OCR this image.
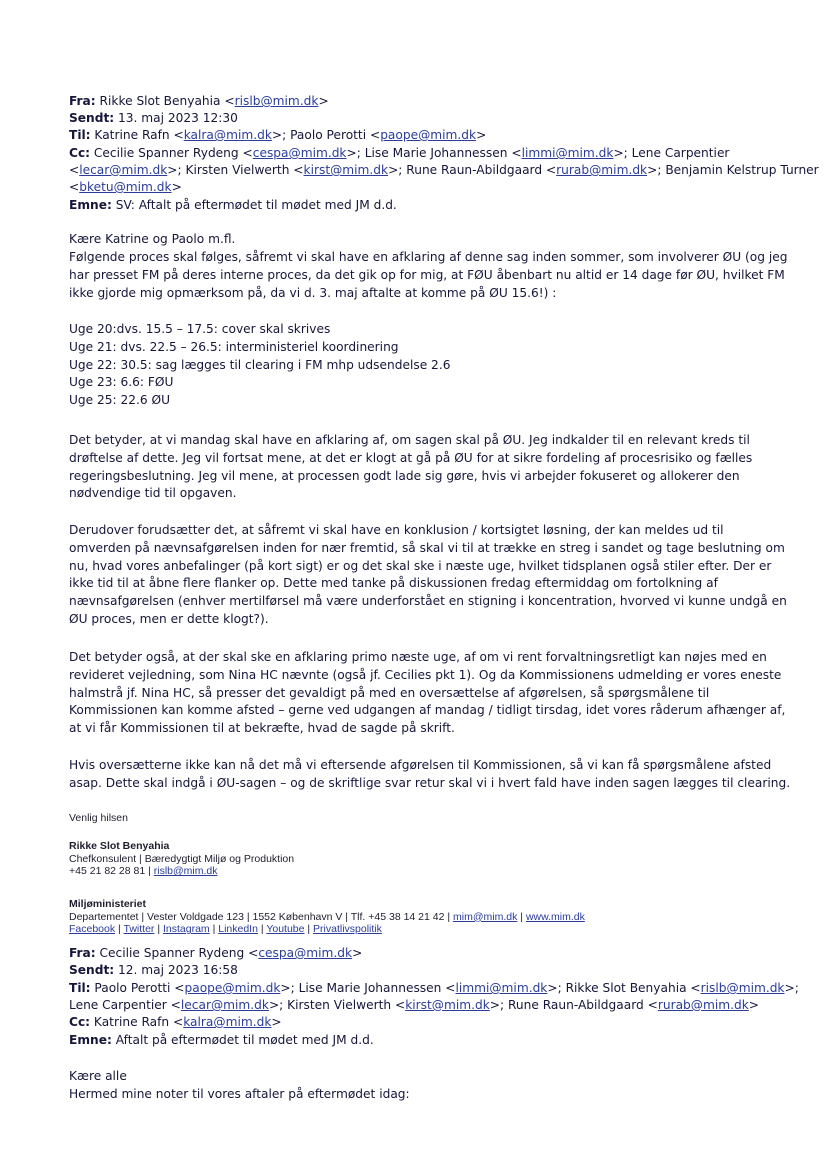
Fra: Rikke Slot Benyahia <rislb@mim.dk>
Sendt: 13. maj 2023 12:30
Til: Katrine Rafn <kalra@mim.dk>; Paolo Perotti <paope@mim.dk>
Cc: Cecilie Spanner Rydeng <cespa@mim.dk>; Lise Marie Johannessen <limmi@mim.dk>; Lene Carpentier
<lecar@mim.dk>; Kirsten Vielwerth <kirst@mim.dk>; Rune Raun-Abildgaard <rurab@mim.dk>; Benjamin Kelstrup Turner
<bketu@mim.dk>
Emne: SV: Aftalt på eftermødet til mødet med JM d.d.
Kære Katrine og Paolo m.fl.
Følgende proces skal følges, såfremt vi skal have en afklaring af denne sag inden sommer, som involverer ØU (og jeg
har presset FM på deres interne proces, da det gik op for mig, at FØU åbenbart nu altid er 14 dage før ØU, hvilket FM
ikke gjorde mig opmærksom på, da vi d. 3. maj aftalte at komme på ØU 15.6!) :
Uge 20:dvs. 15.5 – 17.5: cover skal skrives
Uge 21: dvs. 22.5 – 26.5: interministeriel koordinering
Uge 22: 30.5: sag lægges til clearing i FM mhp udsendelse 2.6
Uge 23: 6.6: FØU
Uge 25: 22.6 ØU
Det betyder, at vi mandag skal have en afklaring af, om sagen skal på ØU. Jeg indkalder til en relevant kreds til
drøftelse af dette. Jeg vil fortsat mene, at det er klogt at gå på ØU for at sikre fordeling af procesrisiko og fælles
regeringsbeslutning. Jeg vil mene, at processen godt lade sig gøre, hvis vi arbejder fokuseret og allokerer den
nødvendige tid til opgaven.
Derudover forudsætter det, at såfremt vi skal have en konklusion / kortsigtet løsning, der kan meldes ud til
omverden på nævnsafgørelsen inden for nær fremtid, så skal vi til at trække en streg i sandet og tage beslutning om
nu, hvad vores anbefalinger (på kort sigt) er og det skal ske i næste uge, hvilket tidsplanen også stiler efter. Der er
ikke tid til at åbne flere flanker op. Dette med tanke på diskussionen fredag eftermiddag om fortolkning af
nævnsafgørelsen (enhver mertilførsel må være underforstået en stigning i koncentration, hvorved vi kunne undgå en
ØU proces, men er dette klogt?).
Det betyder også, at der skal ske en afklaring primo næste uge, af om vi rent forvaltningsretligt kan nøjes med en
revideret vejledning, som Nina HC nævnte (også jf. Cecilies pkt 1). Og da Kommissionens udmelding er vores eneste
halmstrå jf. Nina HC, så presser det gevaldigt på med en oversættelse af afgørelsen, så spørgsmålene til
Kommissionen kan komme afsted – gerne ved udgangen af mandag / tidligt tirsdag, idet vores råderum afhænger af,
at vi får Kommissionen til at bekræfte, hvad de sagde på skrift.
Hvis oversætterne ikke kan nå det må vi eftersende afgørelsen til Kommissionen, så vi kan få spørgsmålene afsted
asap. Dette skal indgå i ØU-sagen – og de skriftlige svar retur skal vi i hvert fald have inden sagen lægges til clearing.
Venlig hilsen
Rikke Slot Benyahia
Chefkonsulent | Bæredygtigt Miljø og Produktion
+45 21 82 28 81 | rislb@mim.dk
Miljøministeriet
Departementet | Vester Voldgade 123 | 1552 København V | Tlf. +45 38 14 21 42 | mim@mim.dk | www.mim.dk
Facebook | Twitter | Instagram | LinkedIn | Youtube | Privatlivspolitik
Fra: Cecilie Spanner Rydeng <cespa@mim.dk>
Sendt: 12. maj 2023 16:58
Til: Paolo Perotti <paope@mim.dk>; Lise Marie Johannessen <limmi@mim.dk>; Rikke Slot Benyahia <rislb@mim.dk>;
Lene Carpentier <lecar@mim.dk>; Kirsten Vielwerth <kirst@mim.dk>; Rune Raun-Abildgaard <rurab@mim.dk>
Cc: Katrine Rafn <kalra@mim.dk>
Emne: Aftalt på eftermødet til mødet med JM d.d.
Kære alle
Hermed mine noter til vores aftaler på eftermødet idag:
